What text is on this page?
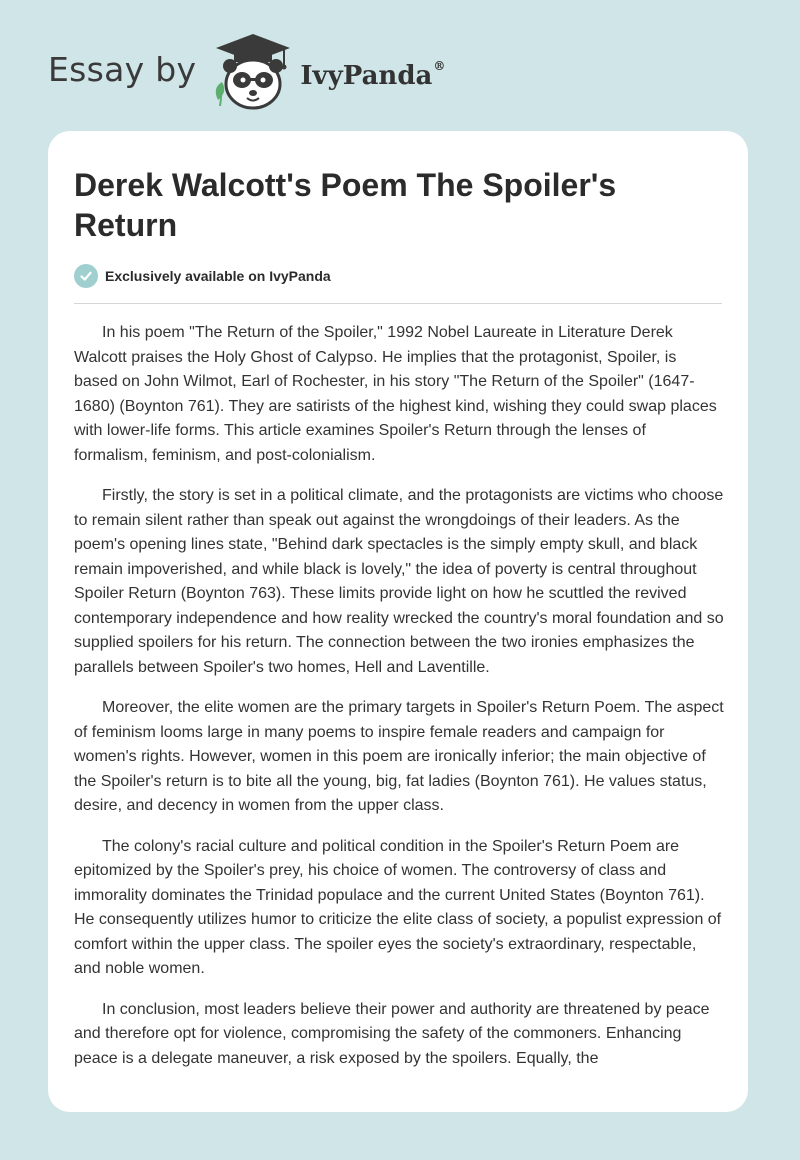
Essay by	IvyPanda®
Derek Walcott's Poem The Spoiler's Return
Exclusively available on IvyPanda

In his poem "The Return of the Spoiler," 1992 Nobel Laureate in Literature Derek Walcott praises the Holy Ghost of Calypso. He implies that the protagonist, Spoiler, is based on John Wilmot, Earl of Rochester, in his story "The Return of the Spoiler" (1647-1680) (Boynton 761). They are satirists of the highest kind, wishing they could swap places with lower-life forms. This article examines Spoiler's Return through the lenses of formalism, feminism, and post-colonialism.

Firstly, the story is set in a political climate, and the protagonists are victims who choose to remain silent rather than speak out against the wrongdoings of their leaders. As the poem's opening lines state, "Behind dark spectacles is the simply empty skull, and black remain impoverished, and while black is lovely," the idea of poverty is central throughout Spoiler Return (Boynton 763). These limits provide light on how he scuttled the revived contemporary independence and how reality wrecked the country's moral foundation and so supplied spoilers for his return. The connection between the two ironies emphasizes the parallels between Spoiler's two homes, Hell and Laventille.

Moreover, the elite women are the primary targets in Spoiler's Return Poem. The aspect of feminism looms large in many poems to inspire female readers and campaign for women's rights. However, women in this poem are ironically inferior; the main objective of the Spoiler's return is to bite all the young, big, fat ladies (Boynton 761). He values status, desire, and decency in women from the upper class.

The colony's racial culture and political condition in the Spoiler's Return Poem are epitomized by the Spoiler's prey, his choice of women. The controversy of class and immorality dominates the Trinidad populace and the current United States (Boynton 761). He consequently utilizes humor to criticize the elite class of society, a populist expression of comfort within the upper class. The spoiler eyes the society's extraordinary, respectable, and noble women.

In conclusion, most leaders believe their power and authority are threatened by peace and therefore opt for violence, compromising the safety of the commoners. Enhancing peace is a delegate maneuver, a risk exposed by the spoilers. Equally, the
